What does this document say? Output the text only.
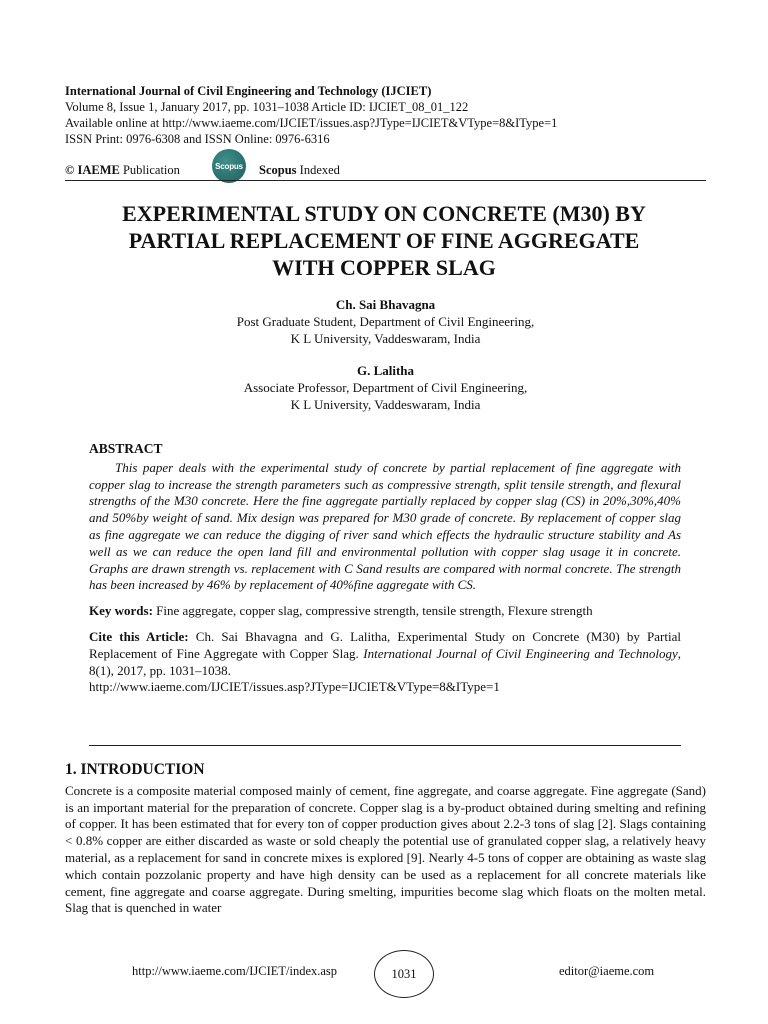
International Journal of Civil Engineering and Technology (IJCIET)
Volume 8, Issue 1, January 2017, pp. 1031–1038 Article ID: IJCIET_08_01_122
Available online at http://www.iaeme.com/IJCIET/issues.asp?JType=IJCIET&VType=8&IType=1
ISSN Print: 0976-6308 and ISSN Online: 0976-6316
© IAEME Publication	Scopus Scopus Indexed
EXPERIMENTAL STUDY ON CONCRETE (M30) BY
PARTIAL REPLACEMENT OF FINE AGGREGATE
WITH COPPER SLAG
Ch. Sai Bhavagna
Post Graduate Student, Department of Civil Engineering,
K L University, Vaddeswaram, India
G. Lalitha
Associate Professor, Department of Civil Engineering,
K L University, Vaddeswaram, India
ABSTRACT
This paper deals with the experimental study of concrete by partial replacement of fine aggregate with copper slag to increase the strength parameters such as compressive strength, split tensile strength, and flexural strengths of the M30 concrete. Here the fine aggregate partially replaced by copper slag (CS) in 20%,30%,40% and 50%by weight of sand. Mix design was prepared for M30 grade of concrete. By replacement of copper slag as fine aggregate we can reduce the digging of river sand which effects the hydraulic structure stability and As well as we can reduce the open land fill and environmental pollution with copper slag usage it in concrete. Graphs are drawn strength vs. replacement with C Sand results are compared with normal concrete. The strength has been increased by 46% by replacement of 40%fine aggregate with CS.
Key words: Fine aggregate, copper slag, compressive strength, tensile strength, Flexure strength
Cite this Article: Ch. Sai Bhavagna and G. Lalitha, Experimental Study on Concrete (M30) by Partial Replacement of Fine Aggregate with Copper Slag. International Journal of Civil Engineering and Technology, 8(1), 2017, pp. 1031–1038.
http://www.iaeme.com/IJCIET/issues.asp?JType=IJCIET&VType=8&IType=1
1. INTRODUCTION
Concrete is a composite material composed mainly of cement, fine aggregate, and coarse aggregate. Fine aggregate (Sand) is an important material for the preparation of concrete. Copper slag is a by-product obtained during smelting and refining of copper. It has been estimated that for every ton of copper production gives about 2.2-3 tons of slag [2]. Slags containing < 0.8% copper are either discarded as waste or sold cheaply the potential use of granulated copper slag, a relatively heavy material, as a replacement for sand in concrete mixes is explored [9]. Nearly 4-5 tons of copper are obtaining as waste slag which contain pozzolanic property and have high density can be used as a replacement for all concrete materials like cement, fine aggregate and coarse aggregate. During smelting, impurities become slag which floats on the molten metal. Slag that is quenched in water
http://www.iaeme.com/IJCIET/index.asp	1031	editor@iaeme.com
